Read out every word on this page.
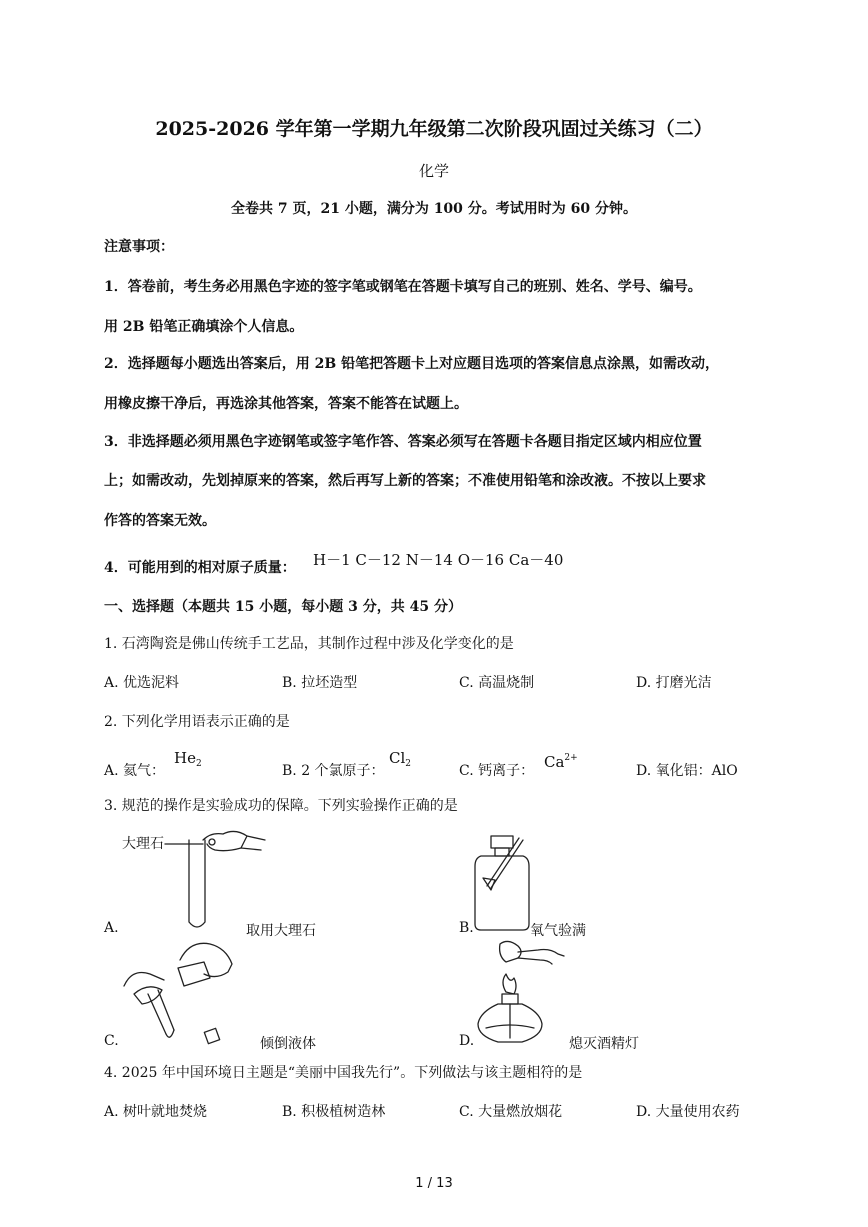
2025-2026 学年第一学期九年级第二次阶段巩固过关练习（二）
化学
全卷共 7 页，21 小题，满分为 100 分。考试用时为 60 分钟。
注意事项：
1．答卷前，考生务必用黑色字迹的签字笔或钢笔在答题卡填写自己的班别、姓名、学号、编号。
用 2B 铅笔正确填涂个人信息。
2．选择题每小题选出答案后，用 2B 铅笔把答题卡上对应题目选项的答案信息点涂黑，如需改动，
用橡皮擦干净后，再选涂其他答案，答案不能答在试题上。
3．非选择题必须用黑色字迹钢笔或签字笔作答、答案必须写在答题卡各题目指定区域内相应位置
上；如需改动，先划掉原来的答案，然后再写上新的答案；不准使用铅笔和涂改液。不按以上要求
作答的答案无效。
4．可能用到的相对原子质量： H－1 C－12 N－14 O－16 Ca－40
一、选择题（本题共 15 小题，每小题 3 分，共 45 分）
1. 石湾陶瓷是佛山传统手工艺品，其制作过程中涉及化学变化的是
A. 优选泥料	B. 拉坯造型	C. 高温烧制	D. 打磨光洁
2. 下列化学用语表示正确的是
A. 氦气：
$He_2$	B. 2 个氯原子：
$Cl_2$	C. 钙离子： $Ca^{2+}$
D. 氧化铝：AlO
3. 规范的操作是实验成功的保障。下列实验操作正确的是
大理石
A.	取用大理石	B.	氧气验满
C.	倾倒液体	D.	熄灭酒精灯
4. 2025 年中国环境日主题是“美丽中国我先行”。下列做法与该主题相符的是
A. 树叶就地焚烧	B. 积极植树造林	C. 大量燃放烟花	D. 大量使用农药
1 / 13
